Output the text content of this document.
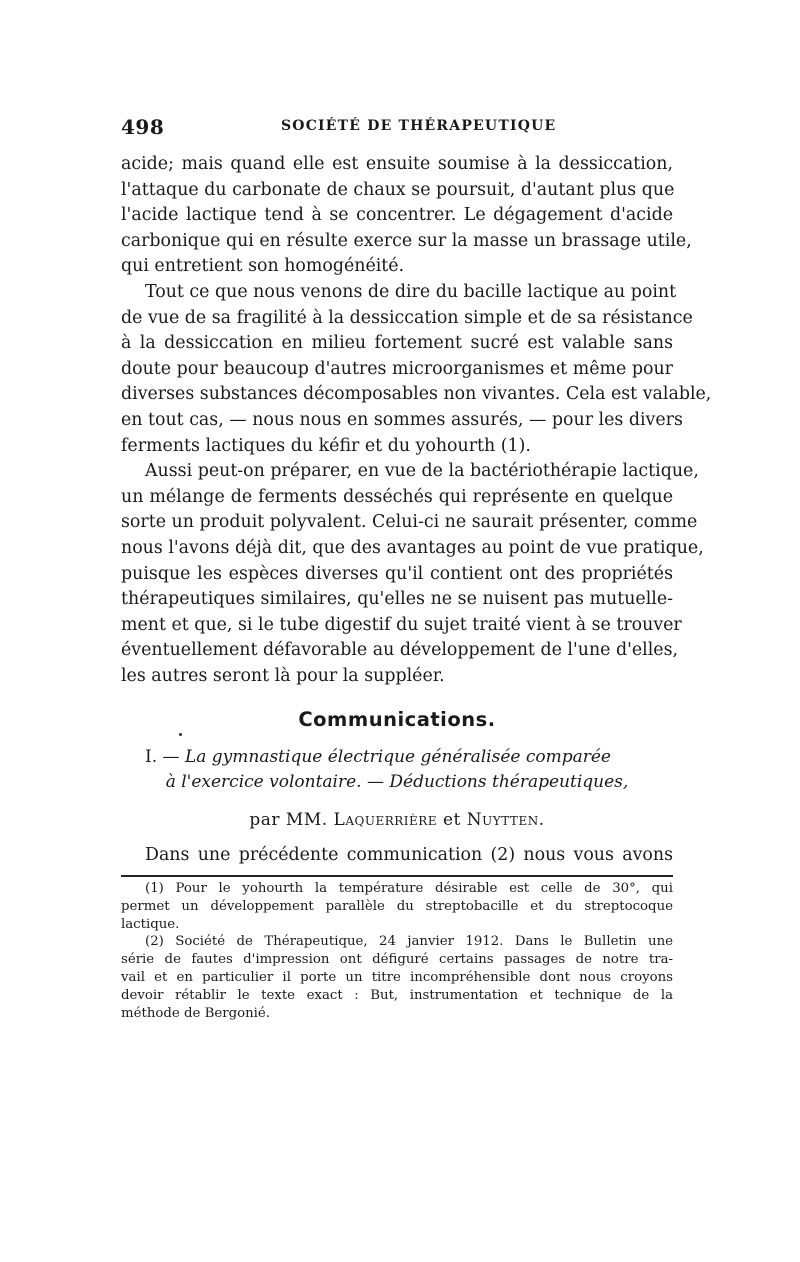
498	SOCIÉTÉ DE THÉRAPEUTIQUE
acide; mais quand elle est ensuite soumise à la dessiccation,
l'attaque du carbonate de chaux se poursuit, d'autant plus que
l'acide lactique tend à se concentrer. Le dégagement d'acide
carbonique qui en résulte exerce sur la masse un brassage utile,
qui entretient son homogénéité.
Tout ce que nous venons de dire du bacille lactique au point
de vue de sa fragilité à la dessiccation simple et de sa résistance
à la dessiccation en milieu fortement sucré est valable sans
doute pour beaucoup d'autres microorganismes et même pour
diverses substances décomposables non vivantes. Cela est valable,
en tout cas, — nous nous en sommes assurés, — pour les divers
ferments lactiques du kéfir et du yohourth (1).
Aussi peut-on préparer, en vue de la bactériothérapie lactique,
un mélange de ferments desséchés qui représente en quelque
sorte un produit polyvalent. Celui-ci ne saurait présenter, comme
nous l'avons déjà dit, que des avantages au point de vue pratique,
puisque les espèces diverses qu'il contient ont des propriétés
thérapeutiques similaires, qu'elles ne se nuisent pas mutuelle-
ment et que, si le tube digestif du sujet traité vient à se trouver
éventuellement défavorable au développement de l'une d'elles,
les autres seront là pour la suppléer.
Communications.
I. — La gymnastique électrique généralisée comparée
à l'exercice volontaire. — Déductions thérapeutiques,
par MM. Laquerrière et Nuytten.
Dans une précédente communication (2) nous vous avons
(1) Pour le yohourth la température désirable est celle de 30°, qui
permet un développement parallèle du streptobacille et du streptocoque
lactique.
(2) Société de Thérapeutique, 24 janvier 1912. Dans le Bulletin une
série de fautes d'impression ont défiguré certains passages de notre tra-
vail et en particulier il porte un titre incompréhensible dont nous croyons
devoir rétablir le texte exact : But, instrumentation et technique de la
méthode de Bergonié.
